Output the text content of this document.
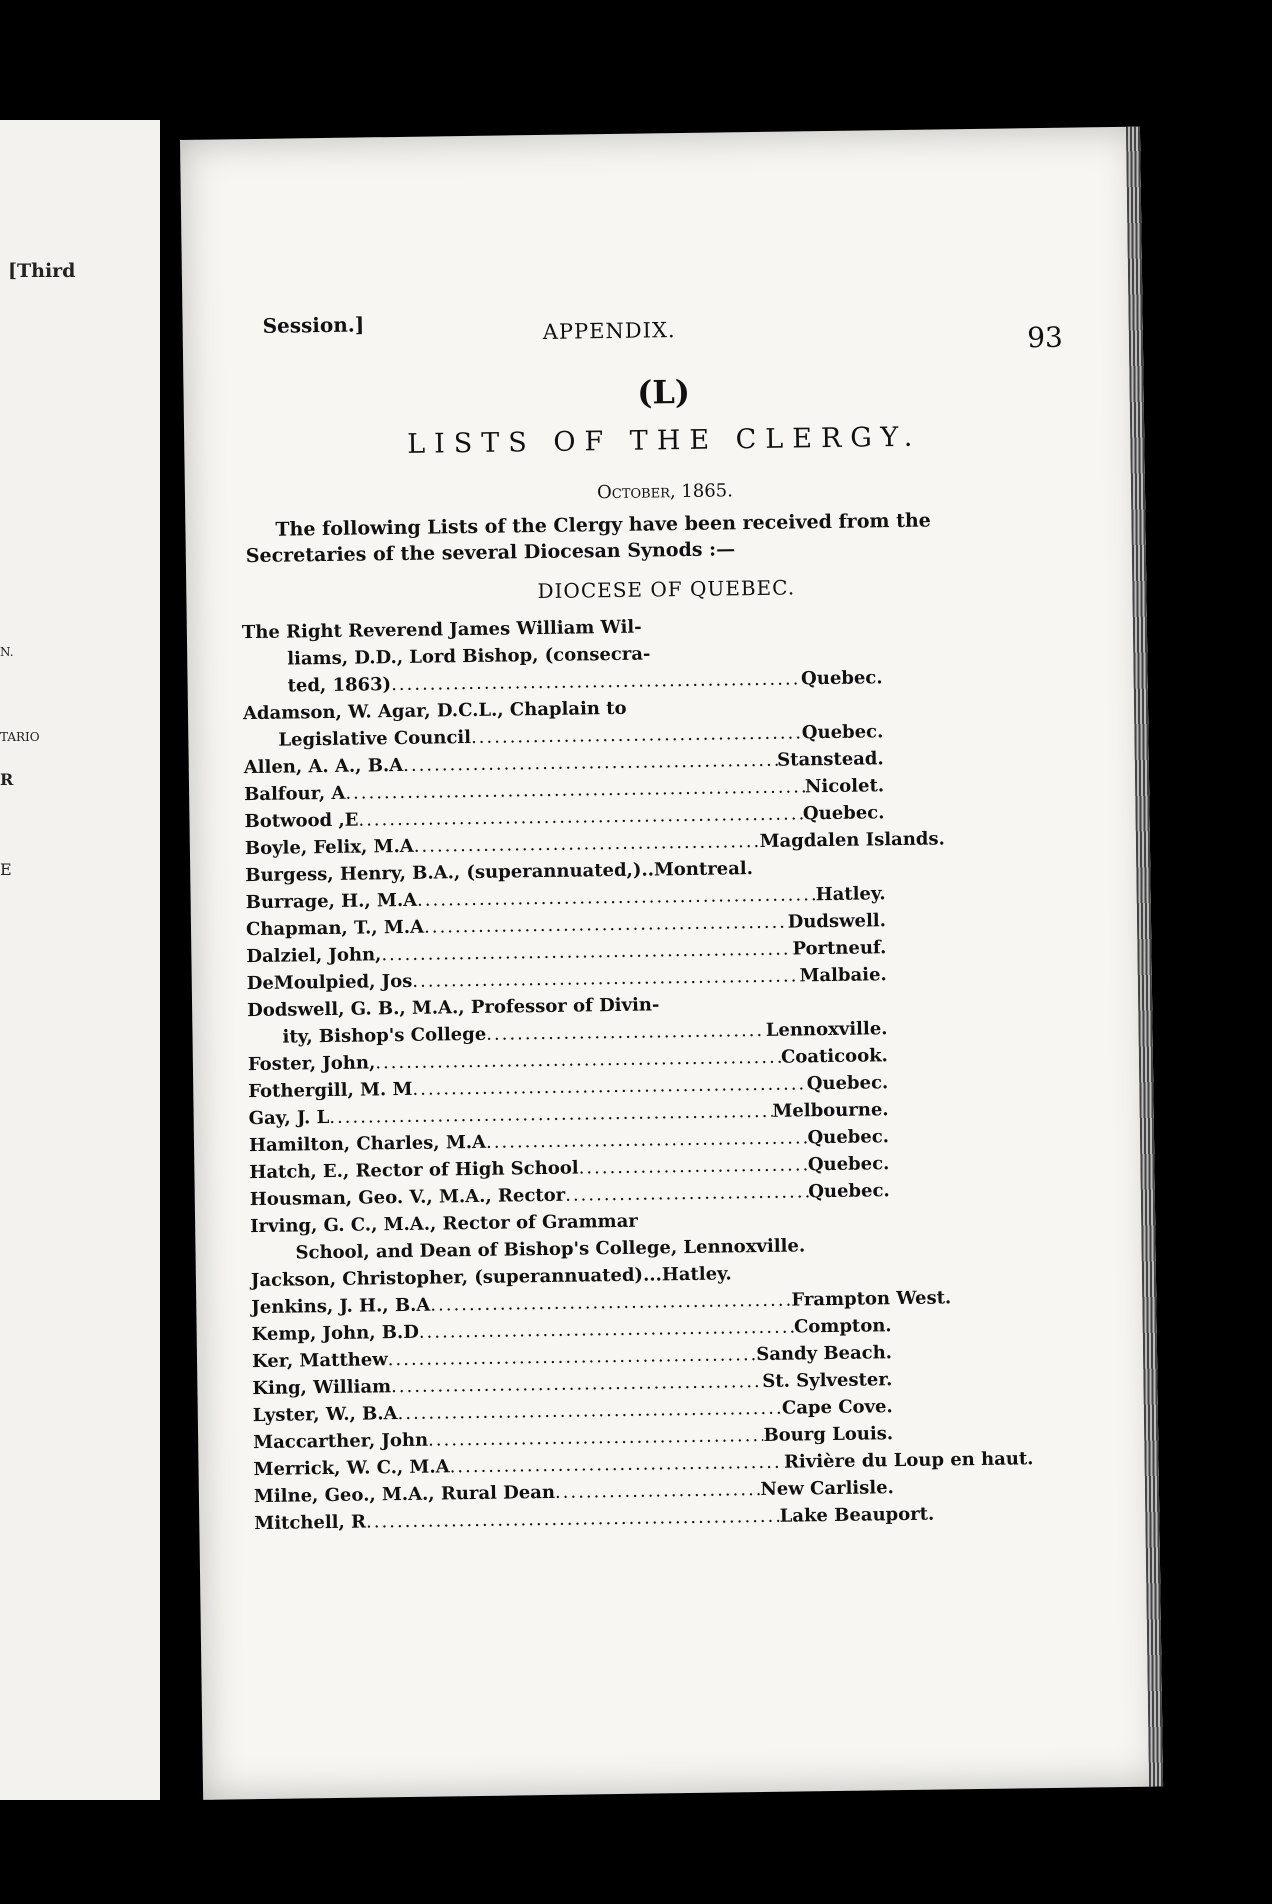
[Third
N.
TARIO
R
E
Session.]	APPENDIX.	93
(L)
LISTS OF THE CLERGY.
October, 1865.
The following Lists of the Clergy have been received from the Secretaries of the several Diocesan Synods :—
DIOCESE OF QUEBEC.
The Right Reverend James William Wil-
liams, D.D., Lord Bishop, (consecra-
ted, 1863) .....	Quebec.
Adamson, W. Agar, D.C.L., Chaplain to
Legislative Council .....	Quebec.
Allen, A. A., B.A .....	Stanstead.
Balfour, A .....	Nicolet.
Botwood ,E .....	Quebec.
Boyle, Felix, M.A .....	Magdalen Islands.
Burgess, Henry, B.A., (superannuated,).. Montreal.
Burrage, H., M.A .....	Hatley.
Chapman, T., M.A .....	Dudswell.
Dalziel, John, .....	Portneuf.
DeMoulpied, Jos .....	Malbaie.
Dodswell, G. B., M.A., Professor of Divin-
ity, Bishop's College .....	Lennoxville.
Foster, John, .....	Coaticook.
Fothergill, M. M .....	Quebec.
Gay, J. L .....	Melbourne.
Hamilton, Charles, M.A .....	Quebec.
Hatch, E., Rector of High School .....	Quebec.
Housman, Geo. V., M.A., Rector .....	Quebec.
Irving, G. C., M.A., Rector of Grammar
School, and Dean of Bishop's College, Lennoxville.
Jackson, Christopher, (superannuated)... Hatley.
Jenkins, J. H., B.A .....	Frampton West.
Kemp, John, B.D .....	Compton.
Ker, Matthew .....	Sandy Beach.
King, William .....	St. Sylvester.
Lyster, W., B.A .....	Cape Cove.
Maccarther, John .....	Bourg Louis.
Merrick, W. C., M.A .....	Rivière du Loup en haut.
Milne, Geo., M.A., Rural Dean .....	New Carlisle.
Mitchell, R .....	Lake Beauport.
